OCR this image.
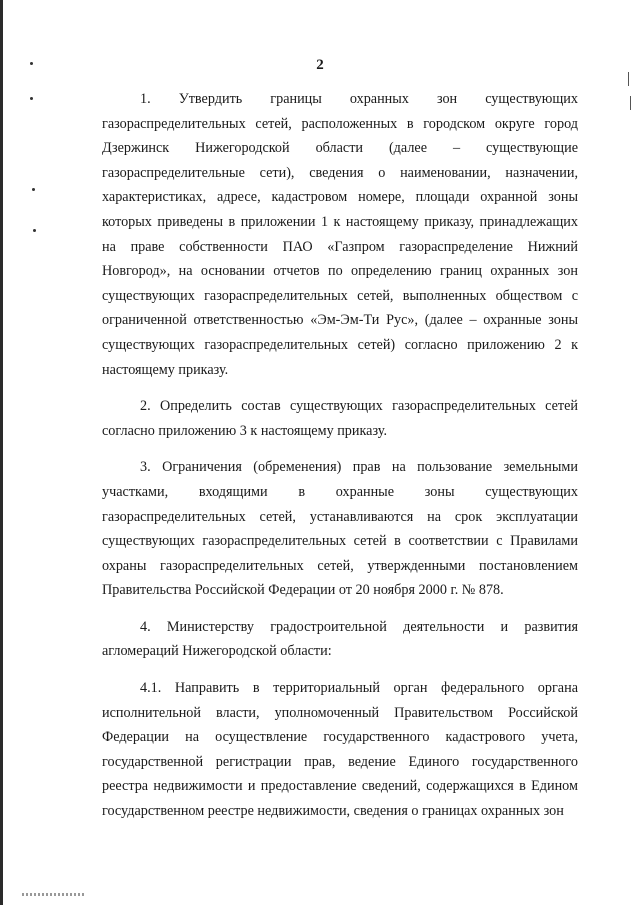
2

1. Утвердить границы охранных зон существующих газораспределительных сетей, расположенных в городском округе город Дзержинск Нижегородской области (далее – существующие газораспределительные сети), сведения о наименовании, назначении, характеристиках, адресе, кадастровом номере, площади охранной зоны которых приведены в приложении 1 к настоящему приказу, принадлежащих на праве собственности ПАО «Газпром газораспределение Нижний Новгород», на основании отчетов по определению границ охранных зон существующих газораспределительных сетей, выполненных обществом с ограниченной ответственностью «Эм-Эм-Ти Рус», (далее – охранные зоны существующих газораспределительных сетей) согласно приложению 2 к настоящему приказу.

2. Определить состав существующих газораспределительных сетей согласно приложению 3 к настоящему приказу.

3. Ограничения (обременения) прав на пользование земельными участками, входящими в охранные зоны существующих газораспределительных сетей, устанавливаются на срок эксплуатации существующих газораспределительных сетей в соответствии с Правилами охраны газораспределительных сетей, утвержденными постановлением Правительства Российской Федерации от 20 ноября 2000 г. № 878.

4. Министерству градостроительной деятельности и развития агломераций Нижегородской области:

4.1. Направить в территориальный орган федерального органа исполнительной власти, уполномоченный Правительством Российской Федерации на осуществление государственного кадастрового учета, государственной регистрации прав, ведение Единого государственного реестра недвижимости и предоставление сведений, содержащихся в Едином государственном реестре недвижимости, сведения о границах охранных зон
